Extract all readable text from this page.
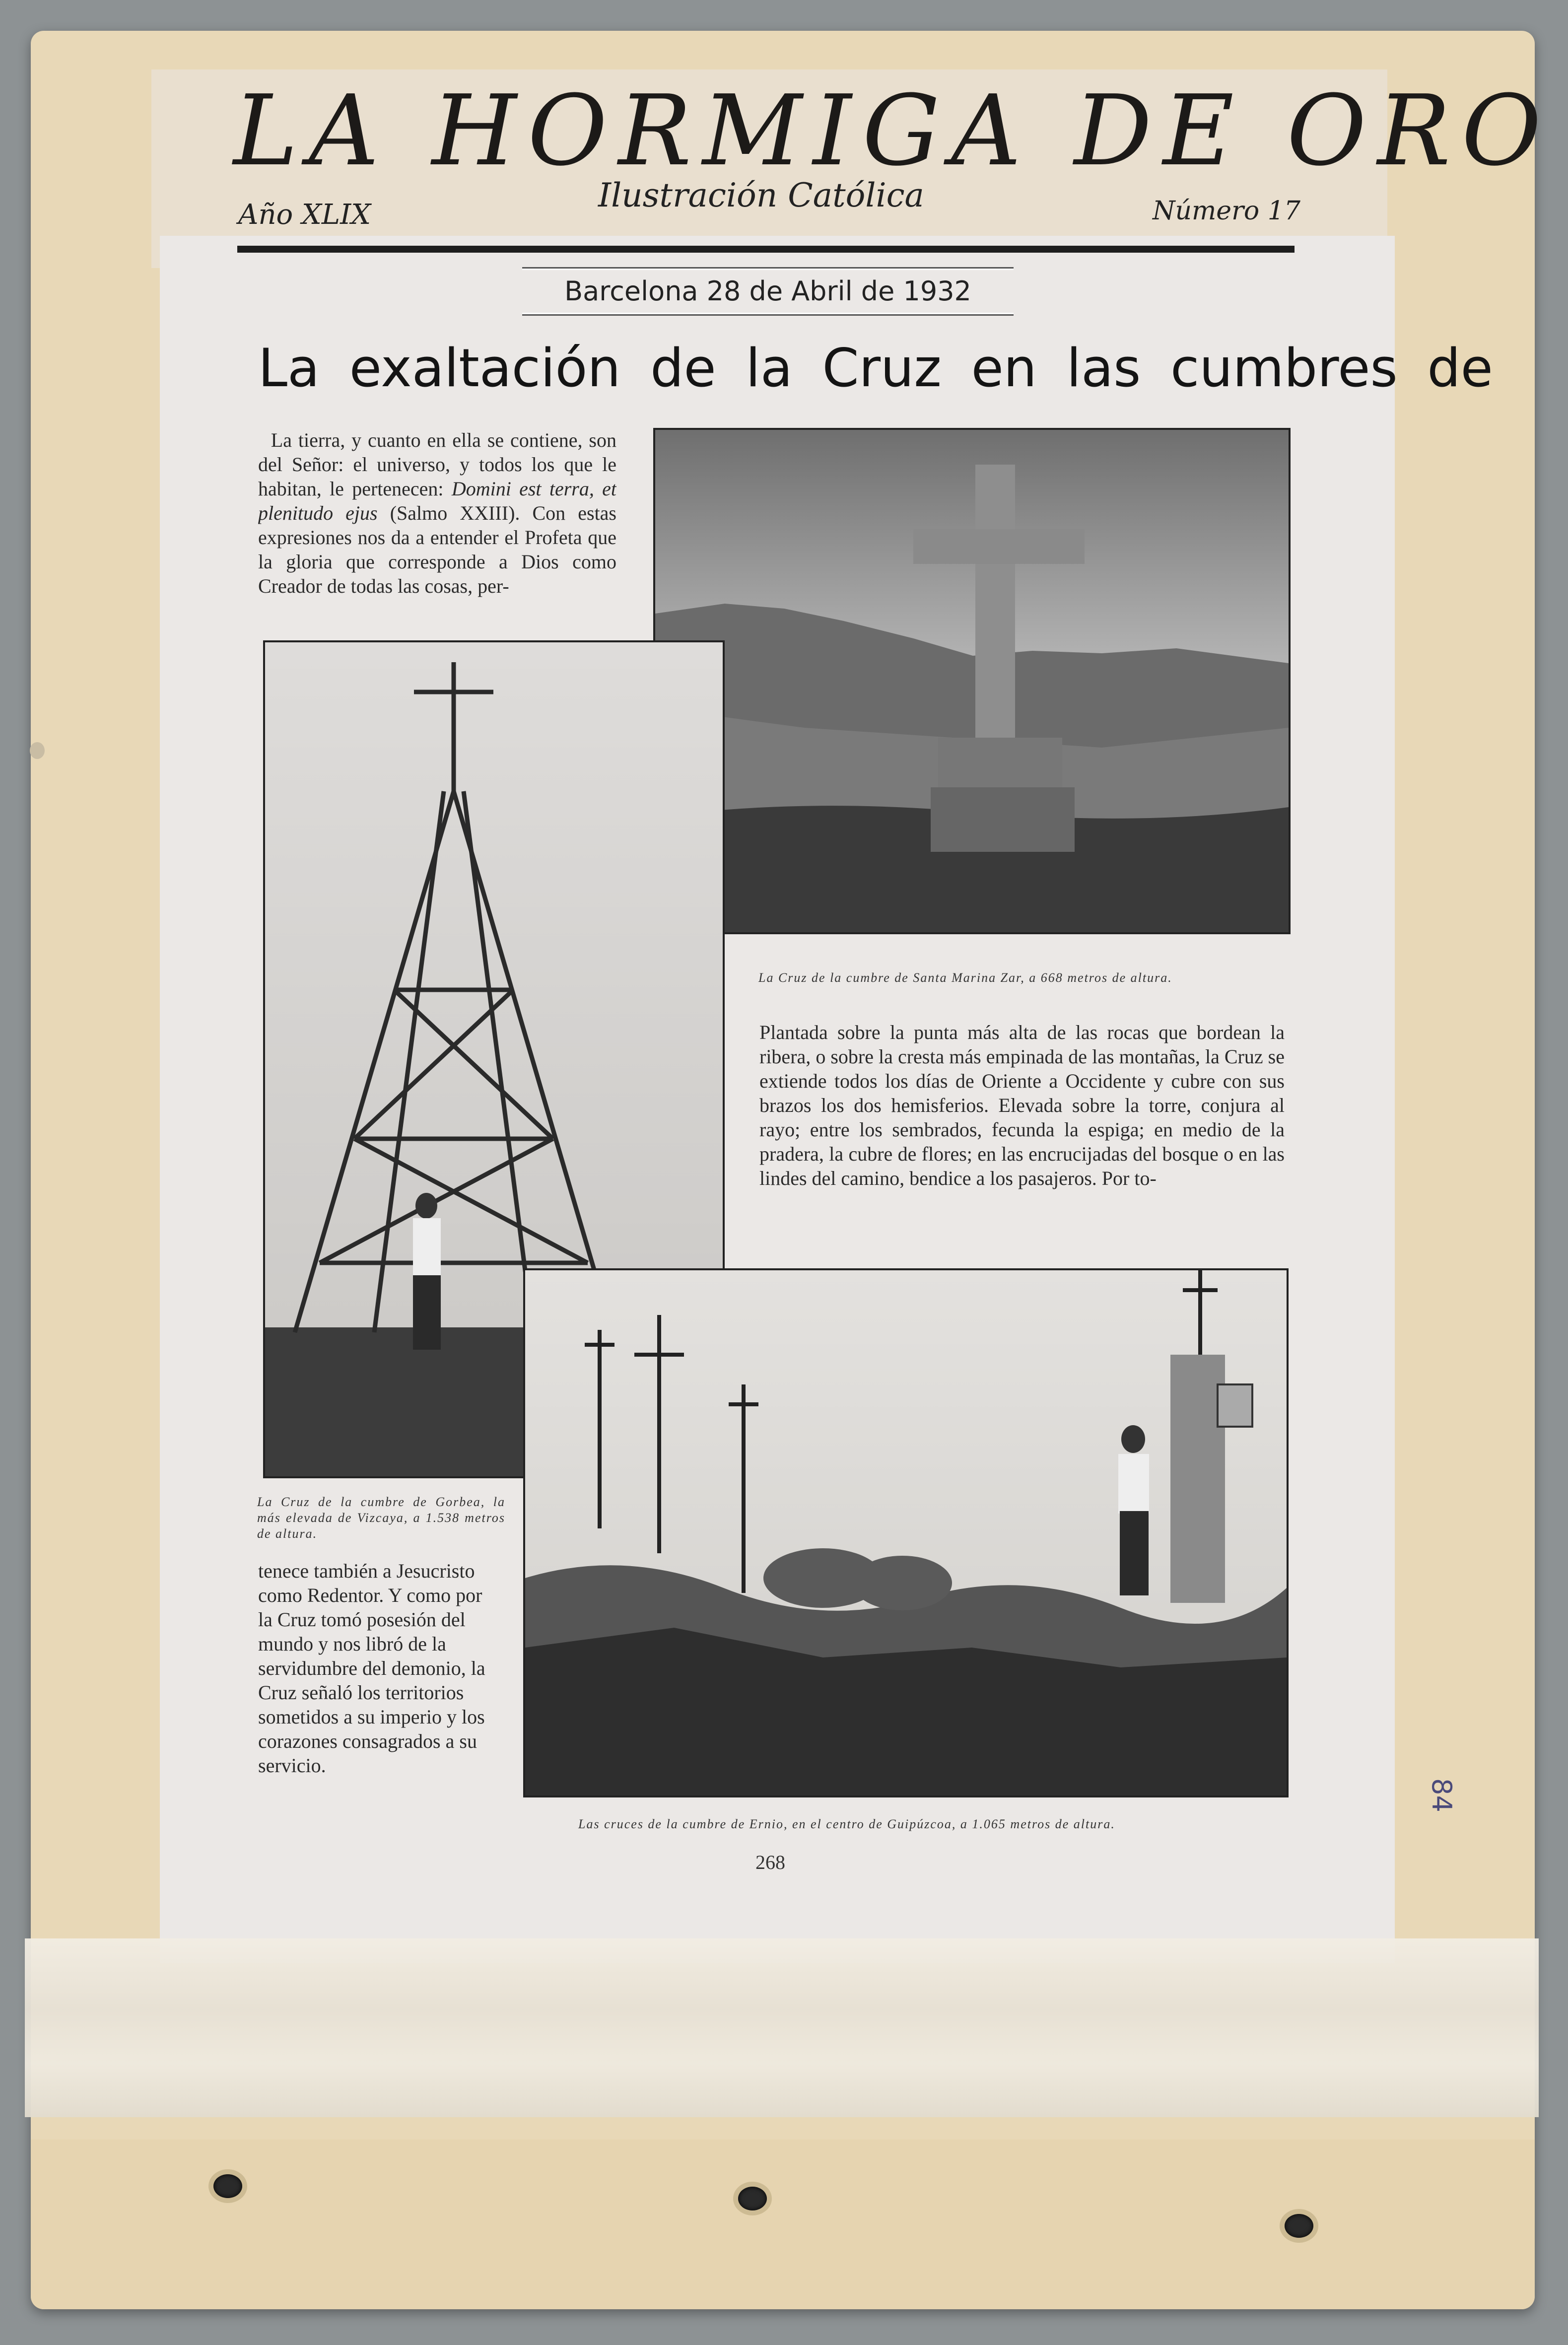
LA HORMIGA DE ORO
Año XLIX
Ilustración Católica	Número 17
Barcelona 28 de Abril de 1932
La exaltación de la Cruz en las cumbres de
La tierra, y cuanto en ella se contiene, son del Señor: el universo, y todos los que le habitan, le pertenecen: Domini est terra, et plenitudo ejus (Salmo XXIII). Con estas expresiones nos da a entender el Profeta que la gloria que corresponde a Dios como Creador de todas las cosas, per-
La Cruz de la cumbre de Santa Marina Zar, a 668 metros de altura.
Plantada sobre la punta más alta de las rocas que bordean la ribera, o sobre la cresta más empinada de las montañas, la Cruz se extiende todos los días de Oriente a Occidente y cubre con sus brazos los dos hemisferios. Elevada sobre la torre, conjura al rayo; entre los sembrados, fecunda la espiga; en medio de la pradera, la cubre de flores; en las encrucijadas del bosque o en las lindes del camino, bendice a los pasajeros. Por to-
La Cruz de la cumbre de Gorbea, la más elevada de Vizcaya, a 1.538 metros de altura.
tenece también a Jesucristo como Redentor. Y como por la Cruz tomó posesión del mundo y nos libró de la servidumbre del demonio, la Cruz señaló los territorios sometidos a su imperio y los corazones consagrados a su servicio.
Las cruces de la cumbre de Ernio, en el centro de Guipúzcoa, a 1.065 metros de altura.
268
84
